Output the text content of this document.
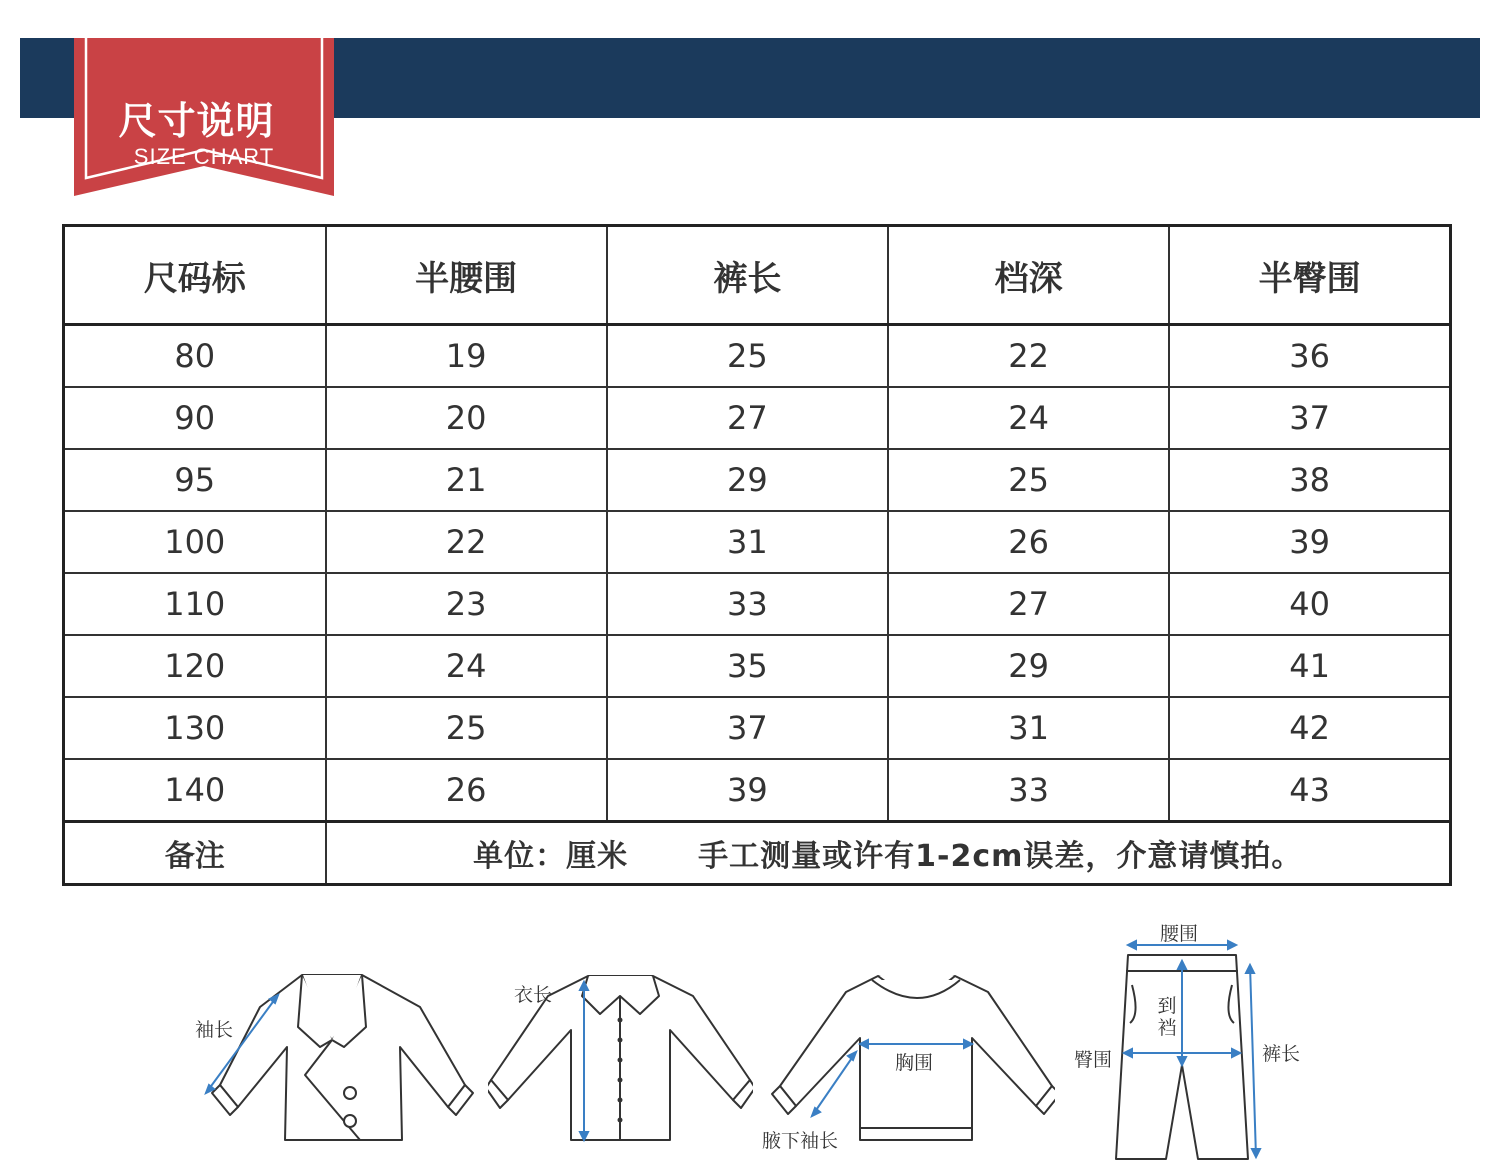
尺寸说明
SIZE CHART
尺码标	半腰围	裤长	档深	半臀围
80	19	25	22	36
90	20	27	24	37
95	21	29	25	38
100	22	31	26	39
110	23	33	27	40
120	24	35	29	41
130	25	37	31	42
140	26	39	33	43
备注	单位：厘米 手工测量或许有1-2cm误差，介意请慎拍。			
袖长
衣长
胸围
腋下袖长
腰围
到裆
臀围	裤长
